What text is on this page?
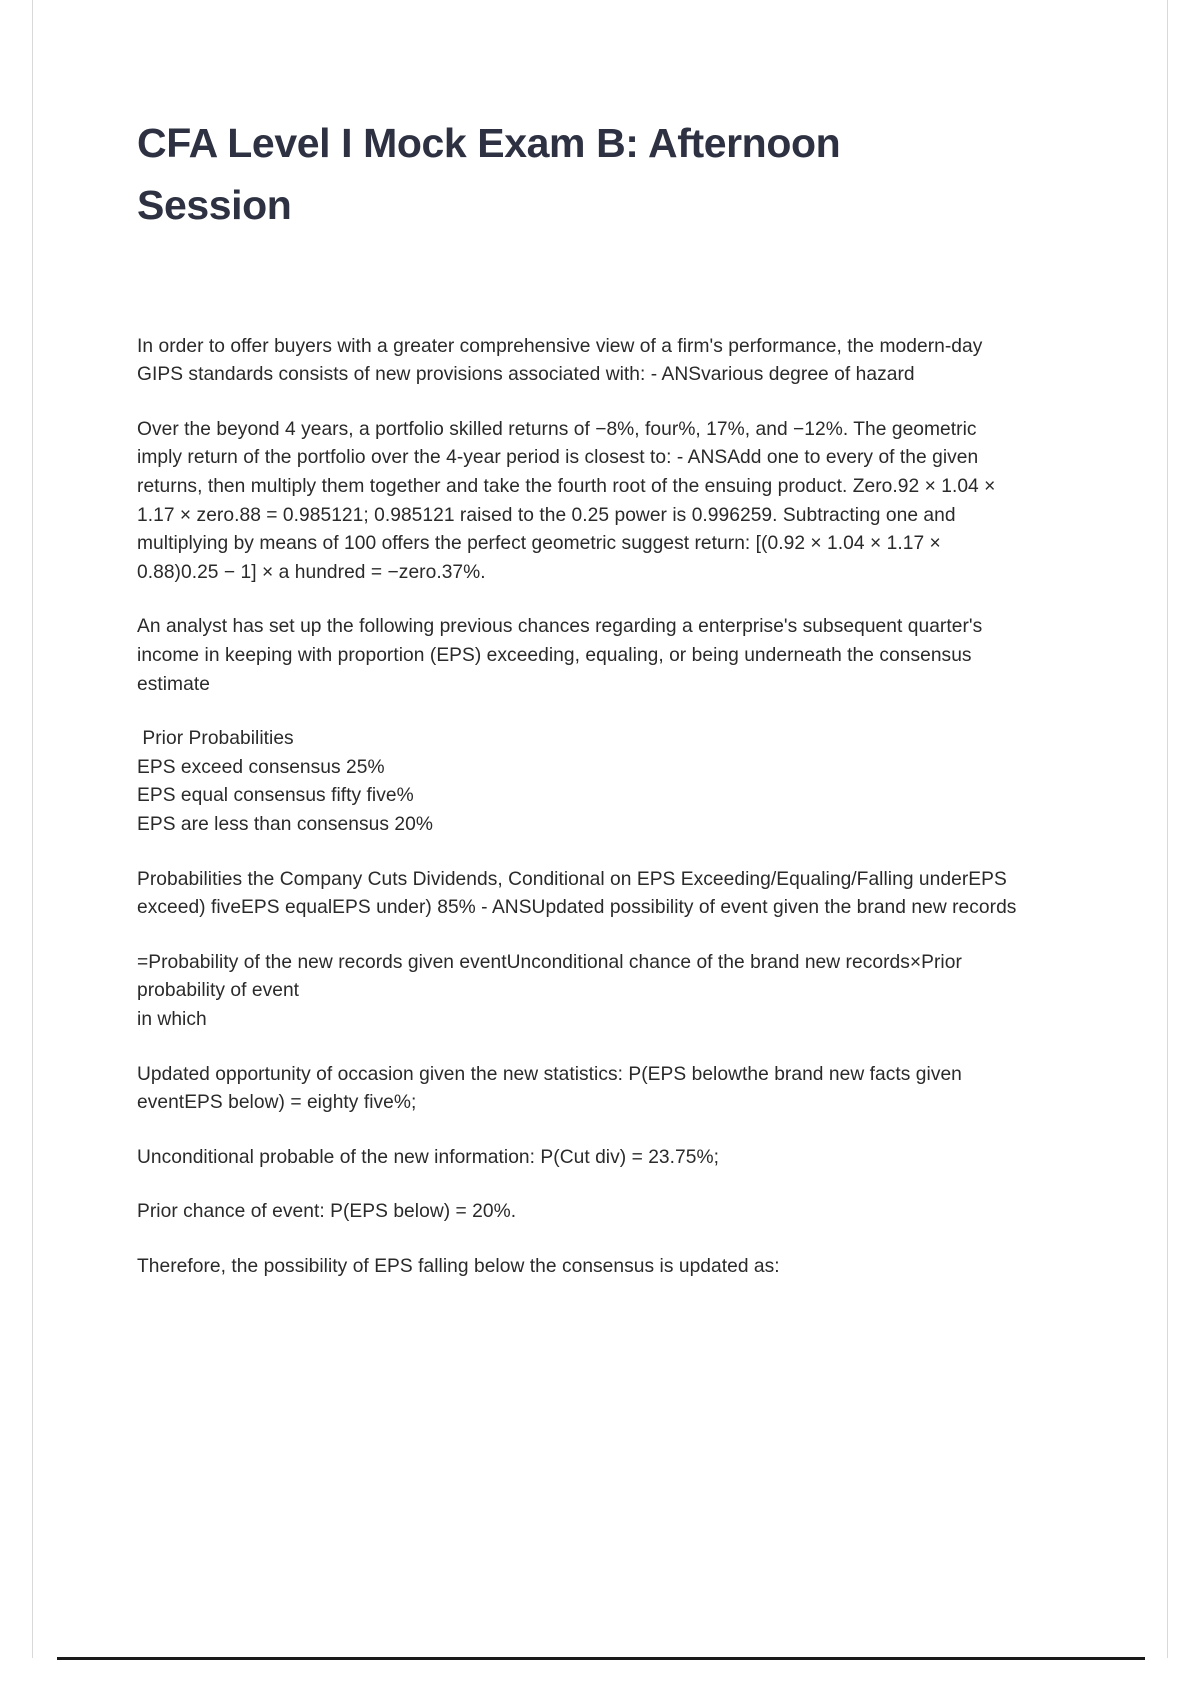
CFA Level I Mock Exam B: Afternoon Session

In order to offer buyers with a greater comprehensive view of a firm's performance, the modern-day GIPS standards consists of new provisions associated with: - ANSvarious degree of hazard

Over the beyond 4 years, a portfolio skilled returns of −8%, four%, 17%, and −12%. The geometric imply return of the portfolio over the 4-year period is closest to: - ANSAdd one to every of the given returns, then multiply them together and take the fourth root of the ensuing product. Zero.92 × 1.04 × 1.17 × zero.88 = 0.985121; 0.985121 raised to the 0.25 power is 0.996259. Subtracting one and multiplying by means of 100 offers the perfect geometric suggest return: [(0.92 × 1.04 × 1.17 × 0.88)0.25 − 1] × a hundred = −zero.37%.

An analyst has set up the following previous chances regarding a enterprise's subsequent quarter's income in keeping with proportion (EPS) exceeding, equaling, or being underneath the consensus estimate

Prior Probabilities
EPS exceed consensus 25%
EPS equal consensus fifty five%
EPS are less than consensus 20%

Probabilities the Company Cuts Dividends, Conditional on EPS Exceeding/Equaling/Falling underEPS exceed) fiveEPS equalEPS under) 85% - ANSUpdated possibility of event given the brand new records

=Probability of the new records given eventUnconditional chance of the brand new records×Prior probability of event
in which

Updated opportunity of occasion given the new statistics: P(EPS belowthe brand new facts given eventEPS below) = eighty five%;

Unconditional probable of the new information: P(Cut div) = 23.75%;

Prior chance of event: P(EPS below) = 20%.

Therefore, the possibility of EPS falling below the consensus is updated as:
